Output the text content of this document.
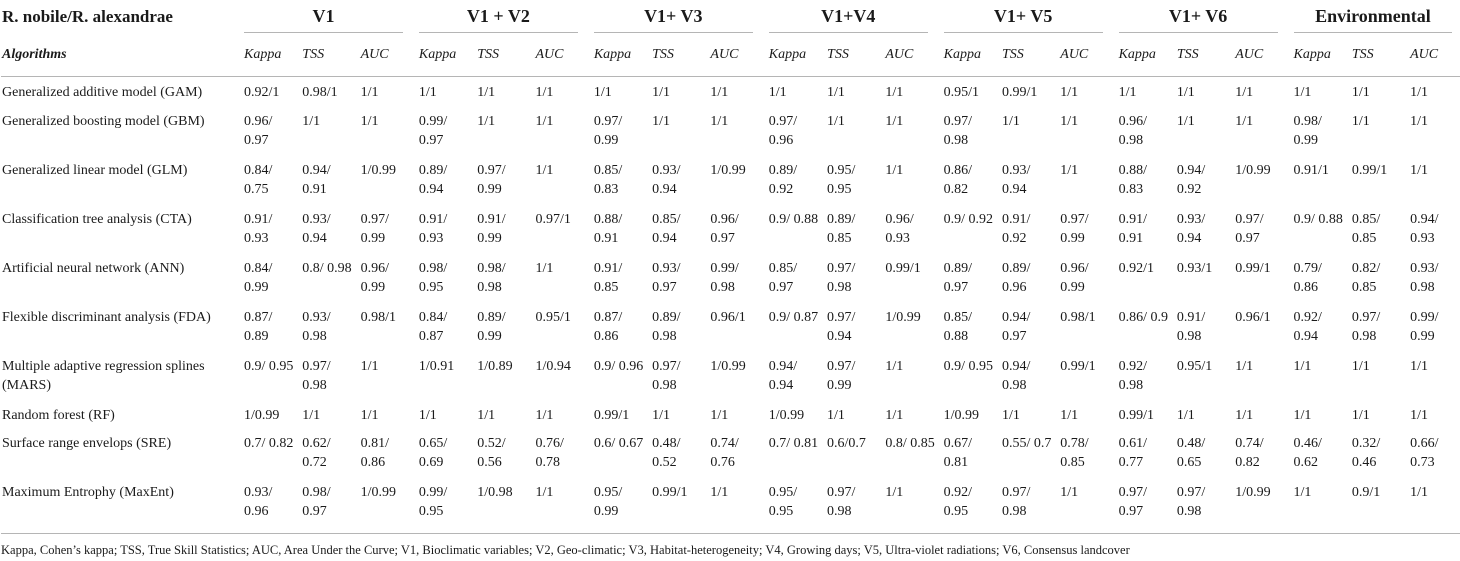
R. nobile/R. alexandrae	V1			V1 + V2			V1+ V3			V1+V4			V1+ V5			V1+ V6			Environmental		

Algorithms	Kappa	TSS	AUC	Kappa	TSS	AUC	Kappa	TSS	AUC	Kappa	TSS	AUC	Kappa	TSS	AUC	Kappa	TSS	AUC	Kappa	TSS	AUC
Generalized additive model (GAM)	0.92/1	0.98/1	1/1	1/1	1/1	1/1	1/1	1/1	1/1	1/1	1/1	1/1	0.95/1	0.99/1	1/1	1/1	1/1	1/1	1/1	1/1	1/1
Generalized boosting model (GBM)	0.96/ 0.97	1/1	1/1	0.99/ 0.97	1/1	1/1	0.97/ 0.99	1/1	1/1	0.97/ 0.96	1/1	1/1	0.97/ 0.98	1/1	1/1	0.96/ 0.98	1/1	1/1	0.98/ 0.99	1/1	1/1
Generalized linear model (GLM)	0.84/ 0.75	0.94/ 0.91	1/0.99	0.89/ 0.94	0.97/ 0.99	1/1	0.85/ 0.83	0.93/ 0.94	1/0.99	0.89/ 0.92	0.95/ 0.95	1/1	0.86/ 0.82	0.93/ 0.94	1/1	0.88/ 0.83	0.94/ 0.92	1/0.99	0.91/1	0.99/1	1/1
Classification tree analysis (CTA)	0.91/ 0.93	0.93/ 0.94	0.97/ 0.99	0.91/ 0.93	0.91/ 0.99	0.97/1	0.88/ 0.91	0.85/ 0.94	0.96/ 0.97	0.9/ 0.88	0.89/ 0.85	0.96/ 0.93	0.9/ 0.92	0.91/ 0.92	0.97/ 0.99	0.91/ 0.91	0.93/ 0.94	0.97/ 0.97	0.9/ 0.88	0.85/ 0.85	0.94/ 0.93
Artificial neural network (ANN)	0.84/ 0.99	0.8/ 0.98	0.96/ 0.99	0.98/ 0.95	0.98/ 0.98	1/1	0.91/ 0.85	0.93/ 0.97	0.99/ 0.98	0.85/ 0.97	0.97/ 0.98	0.99/1	0.89/ 0.97	0.89/ 0.96	0.96/ 0.99	0.92/1	0.93/1	0.99/1	0.79/ 0.86	0.82/ 0.85	0.93/ 0.98
Flexible discriminant analysis (FDA)	0.87/ 0.89	0.93/ 0.98	0.98/1	0.84/ 0.87	0.89/ 0.99	0.95/1	0.87/ 0.86	0.89/ 0.98	0.96/1	0.9/ 0.87	0.97/ 0.94	1/0.99	0.85/ 0.88	0.94/ 0.97	0.98/1	0.86/ 0.9	0.91/ 0.98	0.96/1	0.92/ 0.94	0.97/ 0.98	0.99/ 0.99
Multiple adaptive regression splines (MARS)	0.9/ 0.95	0.97/ 0.98	1/1	1/0.91	1/0.89	1/0.94	0.9/ 0.96	0.97/ 0.98	1/0.99	0.94/ 0.94	0.97/ 0.99	1/1	0.9/ 0.95	0.94/ 0.98	0.99/1	0.92/ 0.98	0.95/1	1/1	1/1	1/1	1/1
Random forest (RF)	1/0.99	1/1	1/1	1/1	1/1	1/1	0.99/1	1/1	1/1	1/0.99	1/1	1/1	1/0.99	1/1	1/1	0.99/1	1/1	1/1	1/1	1/1	1/1
Surface range envelops (SRE)	0.7/ 0.82	0.62/ 0.72	0.81/ 0.86	0.65/ 0.69	0.52/ 0.56	0.76/ 0.78	0.6/ 0.67	0.48/ 0.52	0.74/ 0.76	0.7/ 0.81	0.6/0.7	0.8/ 0.85	0.67/ 0.81	0.55/ 0.7	0.78/ 0.85	0.61/ 0.77	0.48/ 0.65	0.74/ 0.82	0.46/ 0.62	0.32/ 0.46	0.66/ 0.73
Maximum Entrophy (MaxEnt)	0.93/ 0.96	0.98/ 0.97	1/0.99	0.99/ 0.95	1/0.98	1/1	0.95/ 0.99	0.99/1	1/1	0.95/ 0.95	0.97/ 0.98	1/1	0.92/ 0.95	0.97/ 0.98	1/1	0.97/ 0.97	0.97/ 0.98	1/0.99	1/1	0.9/1	1/1
Kappa, Cohen’s kappa; TSS, True Skill Statistics; AUC, Area Under the Curve; V1, Bioclimatic variables; V2, Geo-climatic; V3, Habitat-heterogeneity; V4, Growing days; V5, Ultra-violet radiations; V6, Consensus landcover
